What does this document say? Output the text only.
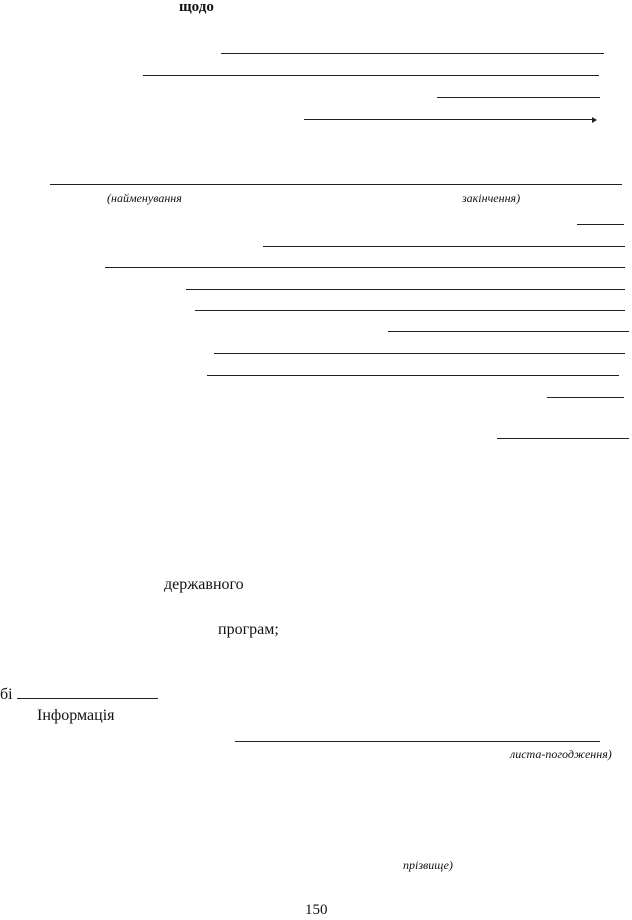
щодо
(найменування	закінчення)
державного
програм;
бі
Інформація
листа-погодження)
прізвище)
150
